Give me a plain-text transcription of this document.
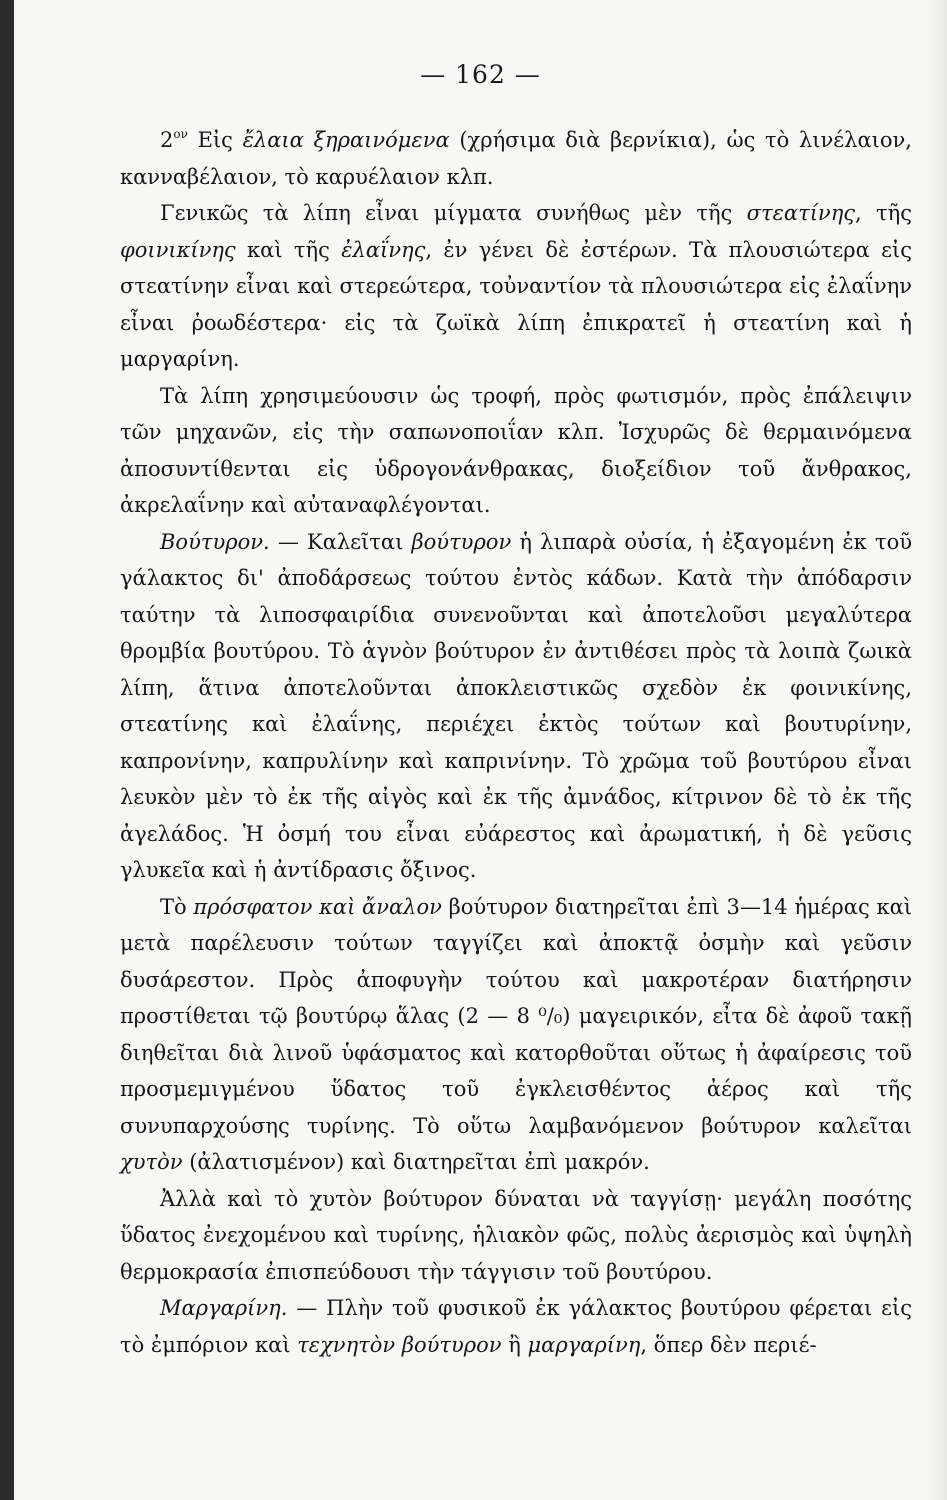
— 162 —

$2^{o\nu}$ Εἰς ἔλαια ξηραινόμενα (χρήσιμα διὰ βερνίκια), ὡς τὸ λινέλαιον, κανναβέλαιον, τὸ καρυέλαιον κλπ.

Γενικῶς τὰ λίπη εἶναι μίγματα συνήθως μὲν τῆς στεατίνης, τῆς φοινικίνης καὶ τῆς ἐλαΐνης, ἐν γένει δὲ ἐστέρων. Τὰ πλουσιώτερα εἰς στεατίνην εἶναι καὶ στερεώτερα, τοὐναντίον τὰ πλουσιώτερα εἰς ἐλαΐνην εἶναι ῥοωδέστερα· εἰς τὰ ζωϊκὰ λίπη ἐπικρατεῖ ἡ στεατίνη καὶ ἡ μαργαρίνη.

Τὰ λίπη χρησιμεύουσιν ὡς τροφή, πρὸς φωτισμόν, πρὸς ἐπάλειψιν τῶν μηχανῶν, εἰς τὴν σαπωνοποιΐαν κλπ. Ἰσχυρῶς δὲ θερμαινόμενα ἀποσυντίθενται εἰς ὑδρογονάνθρακας, διοξείδιον τοῦ ἄνθρακος, ἀκρελαΐνην καὶ αὐταναφλέγονται.

Βούτυρον. — Καλεῖται βούτυρον ἡ λιπαρὰ οὐσία, ἡ ἐξαγομένη ἐκ τοῦ γάλακτος δι' ἀποδάρσεως τούτου ἐντὸς κάδων. Κατὰ τὴν ἀπόδαρσιν ταύτην τὰ λιποσφαιρίδια συνενοῦνται καὶ ἀποτελοῦσι μεγαλύτερα θρομβία βουτύρου. Τὸ ἁγνὸν βούτυρον ἐν ἀντιθέσει πρὸς τὰ λοιπὰ ζωικὰ λίπη, ἅτινα ἀποτελοῦνται ἀποκλειστικῶς σχεδὸν ἐκ φοινικίνης, στεατίνης καὶ ἐλαΐνης, περιέχει ἐκτὸς τούτων καὶ βουτυρίνην, καπρονίνην, καπρυλίνην καὶ καπρινίνην. Τὸ χρῶμα τοῦ βουτύρου εἶναι λευκὸν μὲν τὸ ἐκ τῆς αἰγὸς καὶ ἐκ τῆς ἀμνάδος, κίτρινον δὲ τὸ ἐκ τῆς ἀγελάδος. Ἡ ὀσμή του εἶναι εὐάρεστος καὶ ἀρωματική, ἡ δὲ γεῦσις γλυκεῖα καὶ ἡ ἀντίδρασις ὄξινος.

Τὸ πρόσφατον καὶ ἄναλον βούτυρον διατηρεῖται ἐπὶ 3—14 ἡμέρας καὶ μετὰ παρέλευσιν τούτων ταγγίζει καὶ ἀποκτᾷ ὀσμὴν καὶ γεῦσιν δυσάρεστον. Πρὸς ἀποφυγὴν τούτου καὶ μακροτέραν διατήρησιν προστίθεται τῷ βουτύρῳ ἅλας (2 — 8 ⁰/₀) μαγειρικόν, εἶτα δὲ ἀφοῦ τακῇ διηθεῖται διὰ λινοῦ ὑφάσματος καὶ κατορθοῦται οὕτως ἡ ἀφαίρεσις τοῦ προσμεμιγμένου ὕδατος τοῦ ἐγκλεισθέντος ἀέρος καὶ τῆς συνυπαρχούσης τυρίνης. Τὸ οὕτω λαμβανόμενον βούτυρον καλεῖται χυτὸν (ἀλατισμένον) καὶ διατηρεῖται ἐπὶ μακρόν.

Ἀλλὰ καὶ τὸ χυτὸν βούτυρον δύναται νὰ ταγγίσῃ· μεγάλη ποσότης ὕδατος ἐνεχομένου καὶ τυρίνης, ἡλιακὸν φῶς, πολὺς ἀερισμὸς καὶ ὑψηλὴ θερμοκρασία ἐπισπεύδουσι τὴν τάγγισιν τοῦ βουτύρου.

Μαργαρίνη. — Πλὴν τοῦ φυσικοῦ ἐκ γάλακτος βουτύρου φέρεται εἰς τὸ ἐμπόριον καὶ τεχνητὸν βούτυρον ἢ μαργαρίνη, ὅπερ δὲν περιέ-
